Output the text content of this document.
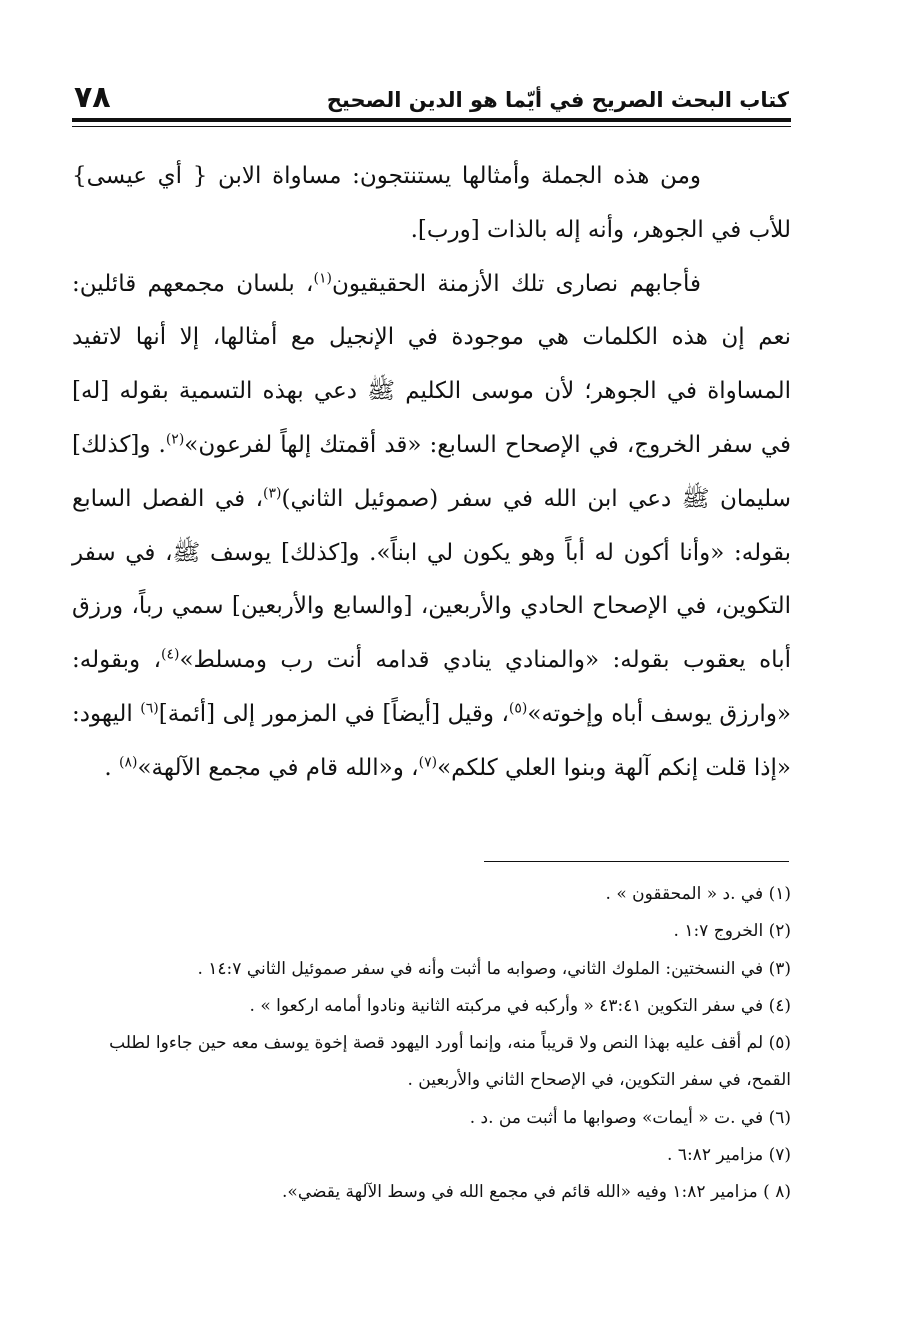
٧٨	كتاب البحث الصريح في أيّما هو الدين الصحيح

ومن هذه الجملة وأمثالها يستنتجون: مساواة الابن { أي عيسى} للأب في الجوهر، وأنه إله بالذات [ورب].

فأجابهم نصارى تلك الأزمنة الحقيقيون$^{(١)}$، بلسان مجمعهم قائلين: نعم إن هذه الكلمات هي موجودة في الإنجيل مع أمثالها، إلا أنها لاتفيد المساواة في الجوهر؛ لأن موسى الكليم ﷺ دعي بهذه التسمية بقوله [له] في سفر الخروج، في الإصحاح السابع: «قد أقمتك إلهاً لفرعون»$^{(٢)}$. و[كذلك] سليمان ﷺ دعي ابن الله في سفر (صموئيل الثاني)$^{(٣)}$، في الفصل السابع بقوله: «وأنا أكون له أباً وهو يكون لي ابناً». و[كذلك] يوسف ﷺ، في سفر التكوين، في الإصحاح الحادي والأربعين، [والسابع والأربعين] سمي رباً، ورزق أباه يعقوب بقوله: «والمنادي ينادي قدامه أنت رب ومسلط»$^{(٤)}$، وبقوله: «وارزق يوسف أباه وإخوته»$^{(٥)}$، وقيل [أيضاً] في المزمور إلى [أئمة]$^{(٦)}$ اليهود: «إذا قلت إنكم آلهة وبنوا العلي كلكم»$^{(٧)}$، و«الله قام في مجمع الآلهة»$^{(٨)}$ .

(١) في .د « المحققون » .

(٢) الخروج ١:٧ .

(٣) في النسختين: الملوك الثاني، وصوابه ما أثبت وأنه في سفر صموئيل الثاني ١٤:٧ .

(٤) في سفر التكوين ٤٣:٤١ « وأركبه في مركبته الثانية ونادوا أمامه اركعوا » .

(٥) لم أقف عليه بهذا النص ولا قريباً منه، وإنما أورد اليهود قصة إخوة يوسف معه حين جاءوا لطلب القمح، في سفر التكوين، في الإصحاح الثاني والأربعين .

(٦) في .ت « أيمات» وصوابها ما أثبت من .د .

(٧) مزامير ٦:٨٢ .

(٨ ) مزامير ١:٨٢ وفيه «الله قائم في مجمع الله في وسط الآلهة يقضي».
